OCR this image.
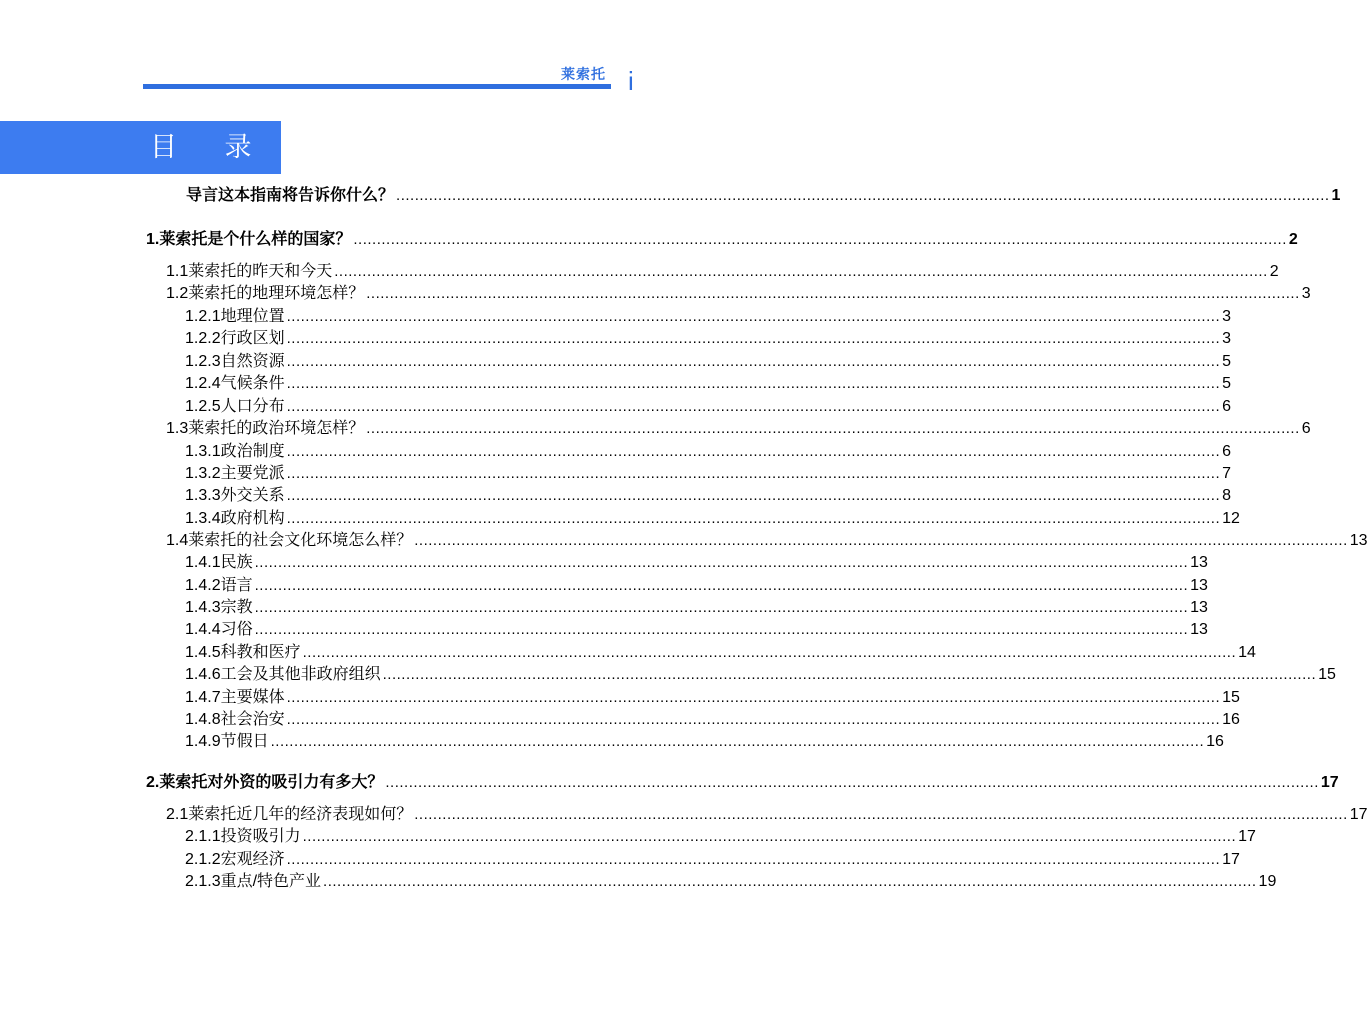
莱索托 i
目 录
导言 这本指南将告诉你什么？ ........................................................................................................................................................................................................ 1
1. 莱索托是个什么样的国家？ ........................................................................................................................................................................................................ 2
1.1 莱索托的昨天和今天 ........................................................................................................................................................................................................ 2
1.2 莱索托的地理环境怎样？ ........................................................................................................................................................................................................ 3
1.2.1 地理位置 ........................................................................................................................................................................................................ 3
1.2.2 行政区划 ........................................................................................................................................................................................................ 3
1.2.3 自然资源 ........................................................................................................................................................................................................ 5
1.2.4 气候条件 ........................................................................................................................................................................................................ 5
1.2.5 人口分布 ........................................................................................................................................................................................................ 6
1.3 莱索托的政治环境怎样？ ........................................................................................................................................................................................................ 6
1.3.1 政治制度 ........................................................................................................................................................................................................ 6
1.3.2 主要党派 ........................................................................................................................................................................................................ 7
1.3.3 外交关系 ........................................................................................................................................................................................................ 8
1.3.4 政府机构 ........................................................................................................................................................................................................ 12
1.4 莱索托的社会文化环境怎么样？ ........................................................................................................................................................................................................ 13
1.4.1 民族 ........................................................................................................................................................................................................ 13
1.4.2 语言 ........................................................................................................................................................................................................ 13
1.4.3 宗教 ........................................................................................................................................................................................................ 13
1.4.4 习俗 ........................................................................................................................................................................................................ 13
1.4.5 科教和医疗 ........................................................................................................................................................................................................ 14
1.4.6 工会及其他非政府组织 ........................................................................................................................................................................................................ 15
1.4.7 主要媒体 ........................................................................................................................................................................................................ 15
1.4.8 社会治安 ........................................................................................................................................................................................................ 16
1.4.9 节假日 ........................................................................................................................................................................................................ 16
2. 莱索托对外资的吸引力有多大？ ........................................................................................................................................................................................................ 17
2.1 莱索托近几年的经济表现如何？ ........................................................................................................................................................................................................ 17
2.1.1 投资吸引力 ........................................................................................................................................................................................................ 17
2.1.2 宏观经济 ........................................................................................................................................................................................................ 17
2.1.3 重点/特色产业 ........................................................................................................................................................................................................ 19
